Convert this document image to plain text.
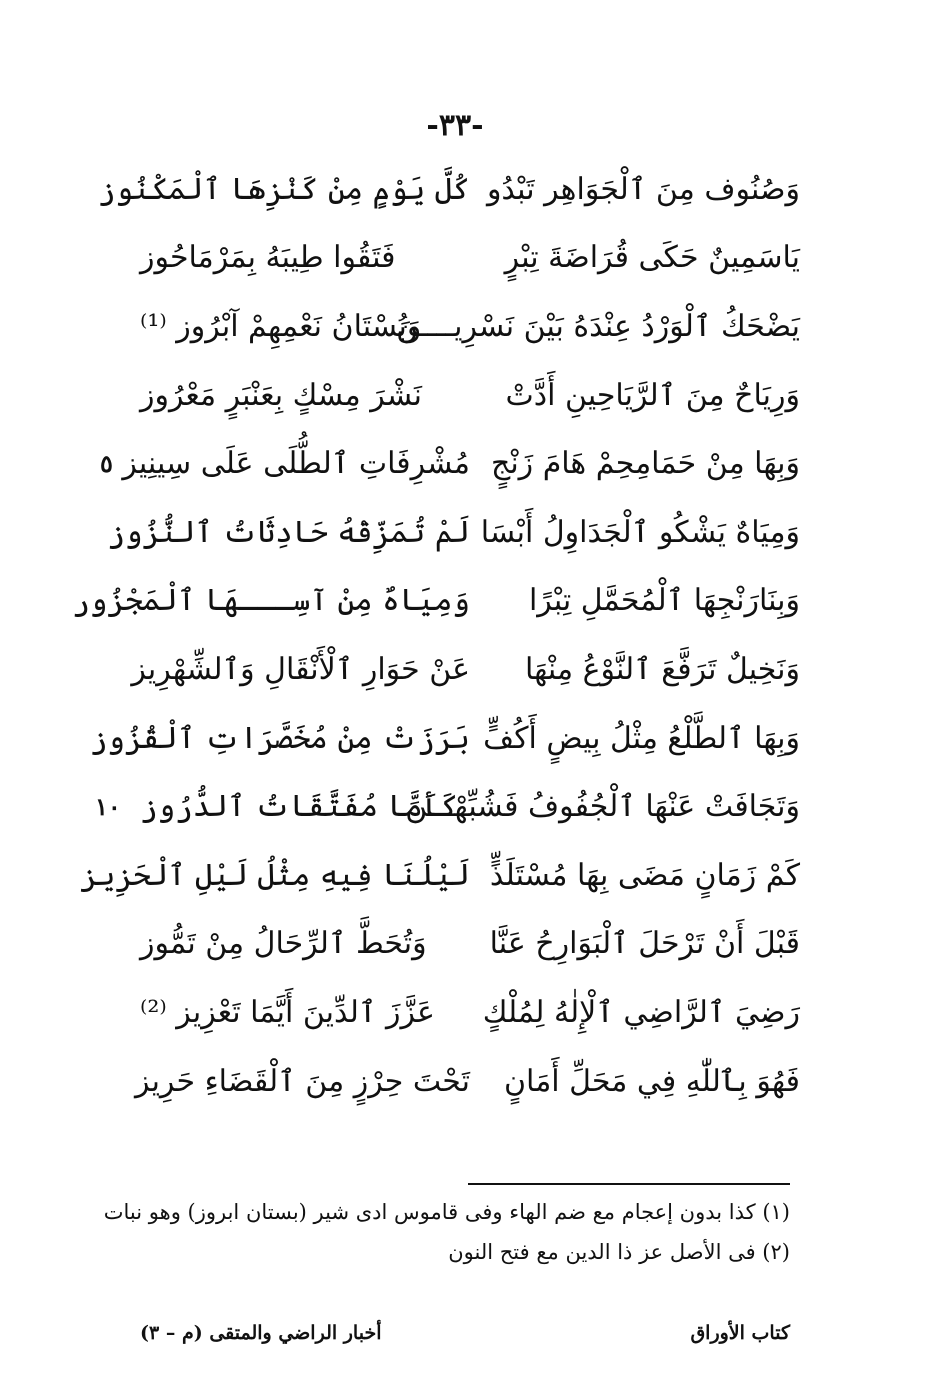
-٣٣-
وَصُنُوف مِنَ ٱلْجَوَاهِر تَبْدُو
كُلَّ يَوْمٍ مِنْ كَنْزِهَا ٱلْمَكْنُوز
يَاسَمِينٌ حَكَى قُرَاضَةَ تِبْرٍ
فَتَقُوا طِيبَهُ بِمَرْمَاحُوز
يَضْحَكُ ٱلْوَرْدُ عِنْدَهُ بَيْنَ نَسْرِيــــنَ
وَبُسْتَانُ نَعْمِهِمْ آبْرُوز ⁽¹⁾
وَرِيَاحٌ مِنَ ٱلرَّيَاحِينِ أَدَّتْ
نَشْرَ مِسْكٍ بِعَنْبَرٍ مَعْرُوز
وَبِهَا مِنْ حَمَامِحِمْ هَامَ زَنْجٍ
مُشْرِفَاتِ ٱلطُّلَى عَلَى سِينِيز
٥
وَمِيَاهٌ يَشْكُو ٱلْجَدَاوِلُ أَبْسَا
لَمْ تُمَزِّقْهُ حَادِثَاتُ ٱلنُّزُوز
وَبِنَارَنْجِهَا ٱلْمُحَمَّلِ تِبْرًا
وَمِيَاهٌ مِنْ آسِـــهَا ٱلْمَجْزُور
وَنَخِيلٌ تَرَفَّعَ ٱلنَّوْعُ مِنْهَا
عَنْ حَوَارِ ٱلْأَنْقَالِ وَٱلشِّهْرِيز
وَبِهَا ٱلطَّلْعُ مِثْلُ بِيضٍ أَكُفٍّ
بَرَزَتْ مِنْ مُخَصَّرَاتِ ٱلْقُزُوز
وَتَجَافَتْ عَنْهَا ٱلْجُفُوفُ فَشُبِّهْـــنَ
كَأَمَّا مُفَتَّقَاتُ ٱلدُّرُوز
١٠
كَمْ زَمَانٍ مَضَى بِهَا مُسْتَلَذٍّ
لَيْلُنَا فِيهِ مِثْلُ لَيْلِ ٱلْحَزِيز
قَبْلَ أَنْ تَرْحَلَ ٱلْبَوَارِحُ عَنَّا
وَتُحَطَّ ٱلرِّحَالُ مِنْ تَمُّوز
رَضِيَ ٱلرَّاضِي ٱلْإِلٰهُ لِمُلْكٍ
عَزَّزَ ٱلدِّينَ أَيَّمَا تَعْزِيز ⁽²⁾
فَهُوَ بِٱللّٰهِ فِي مَحَلِّ أَمَانٍ
تَحْتَ حِرْزٍ مِنَ ٱلْقَضَاءِ حَرِيز
(١) كذا بدون إعجام مع ضم الهاء وفى قاموس ادى شير (بستان ابروز) وهو نبات
(٢) فى الأصل عز ذا الدين مع فتح النون
كتاب الأوراق
أخبار الراضي والمتقى (م – ٣)
